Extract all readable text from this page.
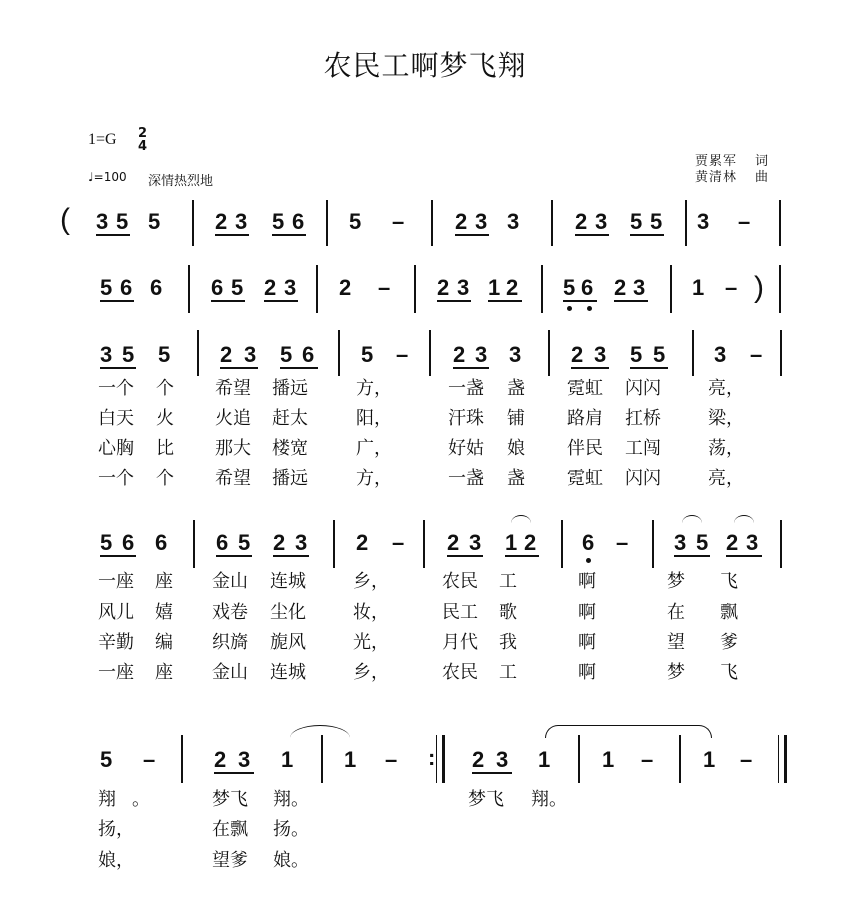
农民工啊梦飞翔
1=G 2
4
♩=100 深情热烈地
贾累军 词
黄清林 曲
( 3 5 5 2 3 5 6 5 – 2 3 3	2 3 5 5 3 –
5 6 6 6 5 2 3 2 – 2 3 1 2 5 6 2 3 1 – )
3 5 5 2 3 5 6 5 – 2 3 3 2 3 5 5 3 –
一个 个 希望 播远	方，	一盏 盏 霓虹 闪闪	亮，
白天 火 火追 赶太	阳，	汗珠 铺 路肩 扛桥	梁，
心胸 比 那大 楼宽	广，	好姑 娘 伴民 工闯	荡，
一个 个 希望 播远	方，	一盏 盏 霓虹 闪闪	亮，
5 6 6 6 5 2 3 2 – 2 3 1 2 6 – 3 5 2 3
一座 座 金山 连城	乡，	农民 工	啊	梦 飞
风儿 嬉 戏卷 尘化	妆，	民工 歌	啊	在 飘
辛勤 编 织旖 旎风	光，	月代 我	啊	望 爹
一座 座 金山 连城	乡，	农民 工	啊	梦 飞
5 –	2 3 1 1 – : 2 3 1 1 – 1 –
翔 。	梦飞 翔。	梦飞 翔。
扬，	在飘 扬。
娘，	望爹 娘。
